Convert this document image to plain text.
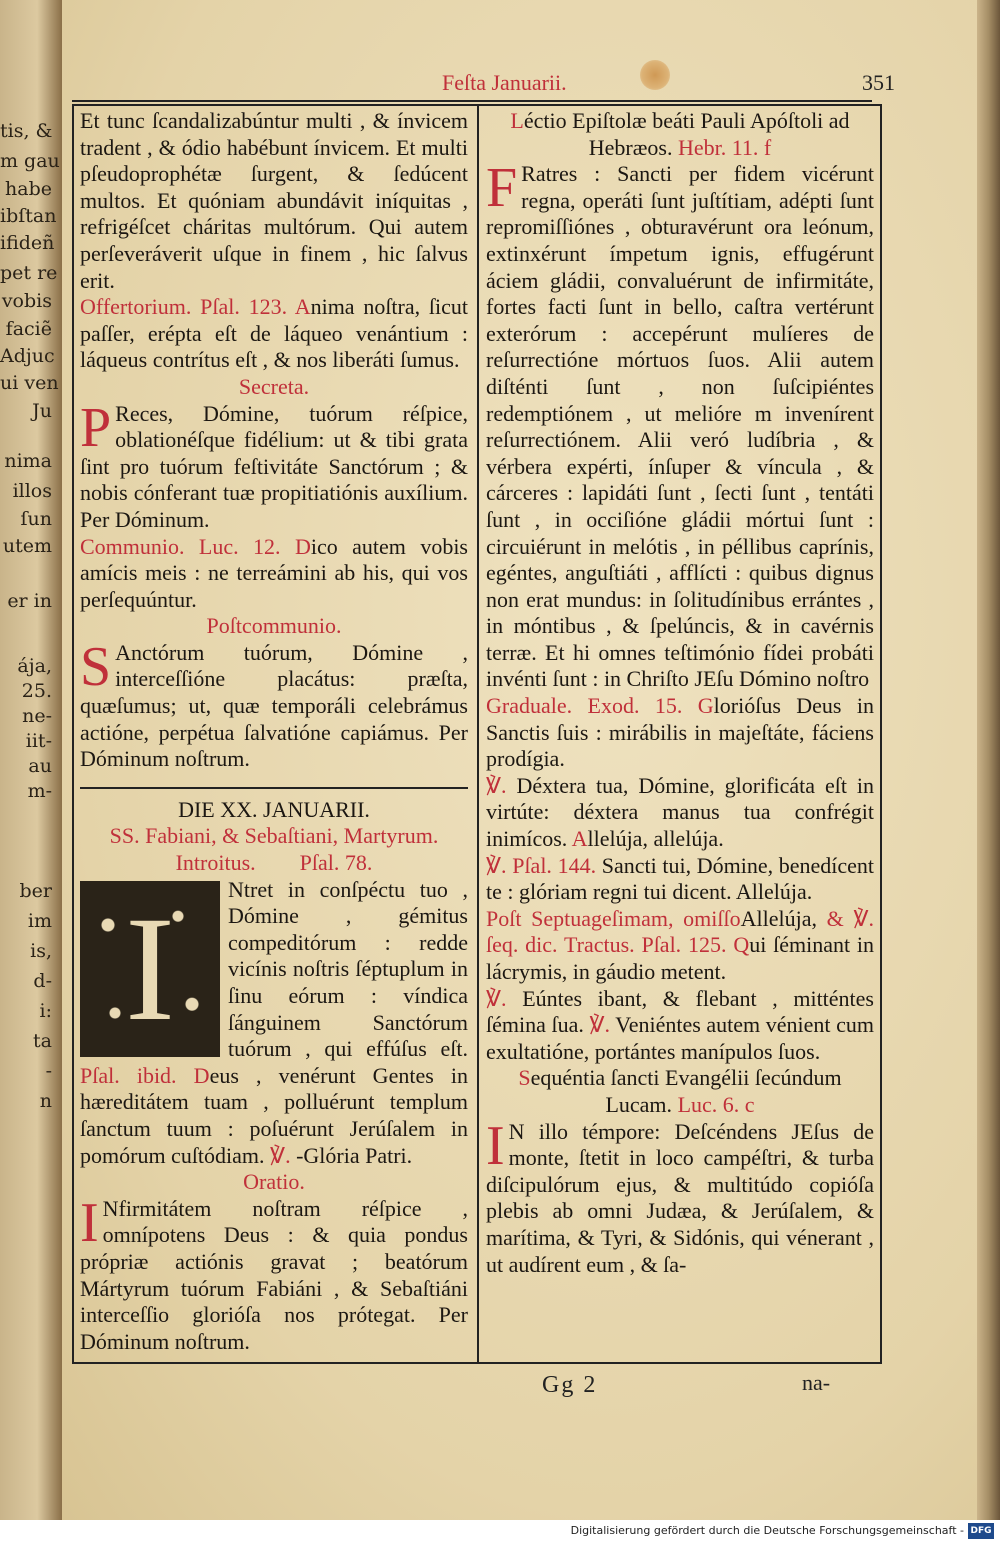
tis, &
m gau
habe
ibſtan
ifideñ
pet re
vobis
faciẽ
Adjuc
ui ven
Ju
nima
illos
ſun
utem
er in
ája,
25.
ne-
iit-
au
m-
ber
im
is,
d-
i:
ta
-
n
Feſta Januarii.	351

Et tunc ſcandalizabúntur multi , & ínvicem tradent , & ódio habébunt ínvicem. Et multi pſeudoprophétæ ſurgent, & ſedúcent multos. Et quóniam abundávit iníquitas , refrigéſcet cháritas multórum. Qui autem perſeveráverit uſque in finem , hic ſalvus erit.

Offertorium. Pſal. 123. Anima noſtra, ſicut paſſer, erépta eſt de láqueo venántium : láqueus contrítus eſt , & nos liberáti ſumus.

Secreta.

P Reces, Dómine, tuórum réſpice, oblationéſque fidélium: ut & tibi grata ſint pro tuórum feſtivitáte Sanctórum ; & nobis cónferant tuæ propitiatiónis auxílium. Per Dóminum.

Communio. Luc. 12. Dico autem vobis amícis meis : ne terreámini ab his, qui vos perſequúntur.

Poſtcommunio.

S Anctórum tuórum, Dómine , interceſſióne placátus: præſta, quæſumus; ut, quæ temporáli celebrámus actióne, perpétua ſalvatióne capiámus. Per Dóminum noſtrum.

DIE XX. JANUARII.

SS. Fabiani, & Sebaſtiani, Martyrum.

Introitus. Pſal. 78.

I Ntret in conſpéctu tuo , Dómine , gémitus compeditórum : redde vicínis noſtris ſéptuplum in ſinu eórum : víndica ſánguinem Sanctórum tuórum , qui effúſus eſt. Pſal. ibid. Deus , venérunt Gentes in hæreditátem tuam , polluérunt templum ſanctum tuum : poſuérunt Jerúſalem in pomórum cuſtódiam. ℣. -Glória Patri.

Oratio.

I Nfirmitátem noſtram réſpice , omnípotens Deus : & quia pondus própriæ actiónis gravat ; beatórum Mártyrum tuórum Fabiáni , & Sebaſtiáni interceſſio glorióſa nos prótegat. Per Dóminum noſtrum.

Léctio Epiſtolæ beáti Pauli Apóſtoli ad Hebræos. Hebr. 11. f

F Ratres : Sancti per fidem vicérunt regna, operáti ſunt juſtítiam, adépti ſunt repromiſſiónes , obturavérunt ora leónum, extinxérunt ímpetum ignis, effugérunt áciem gládii, convaluérunt de infirmitáte, fortes facti ſunt in bello, caſtra vertérunt exterórum : accepérunt mulíeres de reſurrectióne mórtuos ſuos. Alii autem diſténti ſunt , non ſuſcipiéntes redemptiónem , ut melióre m invenírent reſurrectiónem. Alii veró ludíbria , & vérbera expérti, ínſuper & víncula , & cárceres : lapidáti ſunt , ſecti ſunt , tentáti ſunt , in occiſióne gládii mórtui ſunt : circuiérunt in melótis , in péllibus caprínis, egéntes, anguſtiáti , afflícti : quibus dignus non erat mundus: in ſolitudínibus errántes , in móntibus , & ſpelúncis, & in cavérnis terræ. Et hi omnes teſtimónio fídei probáti invénti ſunt : in Chriſto JEſu Dómino noſtro

Graduale. Exod. 15. Glorióſus Deus in Sanctis ſuis : mirábilis in majeſtáte, fáciens prodígia.

℣. Déxtera tua, Dómine, glorificáta eſt in virtúte: déxtera manus tua confrégit inimícos. Allelúja, allelúja.

℣. Pſal. 144. Sancti tui, Dómine, benedícent te : glóriam regni tui dicent. Allelúja.

Poſt Septuageſimam, omiſſoAllelúja, & ℣. ſeq. dic. Tractus. Pſal. 125. Qui ſéminant in lácrymis, in gáudio metent.

℣. Eúntes ibant, & flebant , mitténtes ſémina ſua. ℣. Veniéntes autem vénient cum exultatióne, portántes manípulos ſuos.

Sequéntia ſancti Evangélii ſecúndum Lucam. Luc. 6. c

I N illo témpore: Deſcéndens JEſus de monte, ſtetit in loco campéſtri, & turba diſcipulórum ejus, & multitúdo copióſa plebis ab omni Judæa, & Jerúſalem, & marítima, & Tyri, & Sidónis, qui vénerant , ut audírent eum , & ſa-

Gg 2	na-
Digitalisierung gefördert durch die Deutsche Forschungsgemeinschaft - DFG
